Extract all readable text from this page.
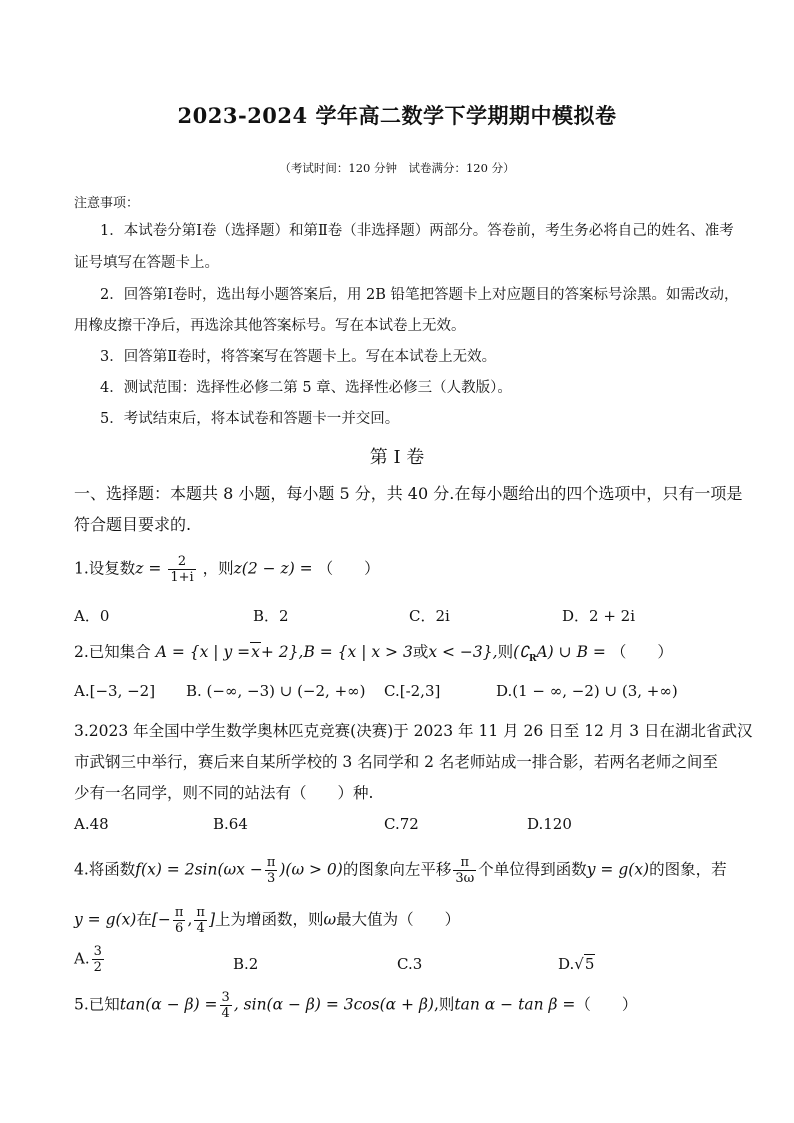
2023-2024 学年高二数学下学期期中模拟卷
（考试时间：120 分钟　试卷满分：120 分）
注意事项：
1．本试卷分第Ⅰ卷（选择题）和第Ⅱ卷（非选择题）两部分。答卷前，考生务必将自己的姓名、准考
证号填写在答题卡上。
2．回答第Ⅰ卷时，选出每小题答案后，用 2B 铅笔把答题卡上对应题目的答案标号涂黑。如需改动，
用橡皮擦干净后，再选涂其他答案标号。写在本试卷上无效。
3．回答第Ⅱ卷时，将答案写在答题卡上。写在本试卷上无效。
4．测试范围：选择性必修二第 5 章、选择性必修三（人教版）。
5．考试结束后，将本试卷和答题卡一并交回。
第 I 卷
一、选择题：本题共 8 小题，每小题 5 分，共 40 分.在每小题给出的四个选项中，只有一项是
符合题目要求的.
1.设复数$z = \frac{2}{1+i}$ ，则z(2 − z) = （　　）
A．0	B．2	C．2i	D．2 + 2i
2.已知集合 A = {x | y =x+ 2},B = {x | x > 3或x < −3},则$(∁_RA)$ ∪ B = （　　）
A.[−3, −2] B. (−∞, −3) ∪ (−2, +∞) C.[-2,3]	D.(1 − ∞, −2) ∪ (3, +∞)
3.2023 年全国中学生数学奥林匹克竞赛(决赛)于 2023 年 11 月 26 日至 12 月 3 日在湖北省武汉
市武钢三中举行，赛后来自某所学校的 3 名同学和 2 名老师站成一排合影，若两名老师之间至
少有一名同学，则不同的站法有（　　）种.
A.48	B.64	C.72	D.120
4.将函数$f(x) = 2\sin(\omega x - \frac{\pi}{3} )(\omega > 0)$的图象向左平移 $\frac{\pi}{3\omega}$ 个单位得到函数y = g(x)的图象，若
y = g(x)在[− $\frac{\pi}{6}$ , $\frac{\pi}{4}$ ]上为增函数，则ω最大值为（　　）
A. $\frac{3}{2}$	B.2	C.3	D.√5
5.已知$\tan(\alpha - \beta) = \frac{3}{4}$ , sin(α − β) = 3cos(α + β),则tan α − tan β =（　　）
